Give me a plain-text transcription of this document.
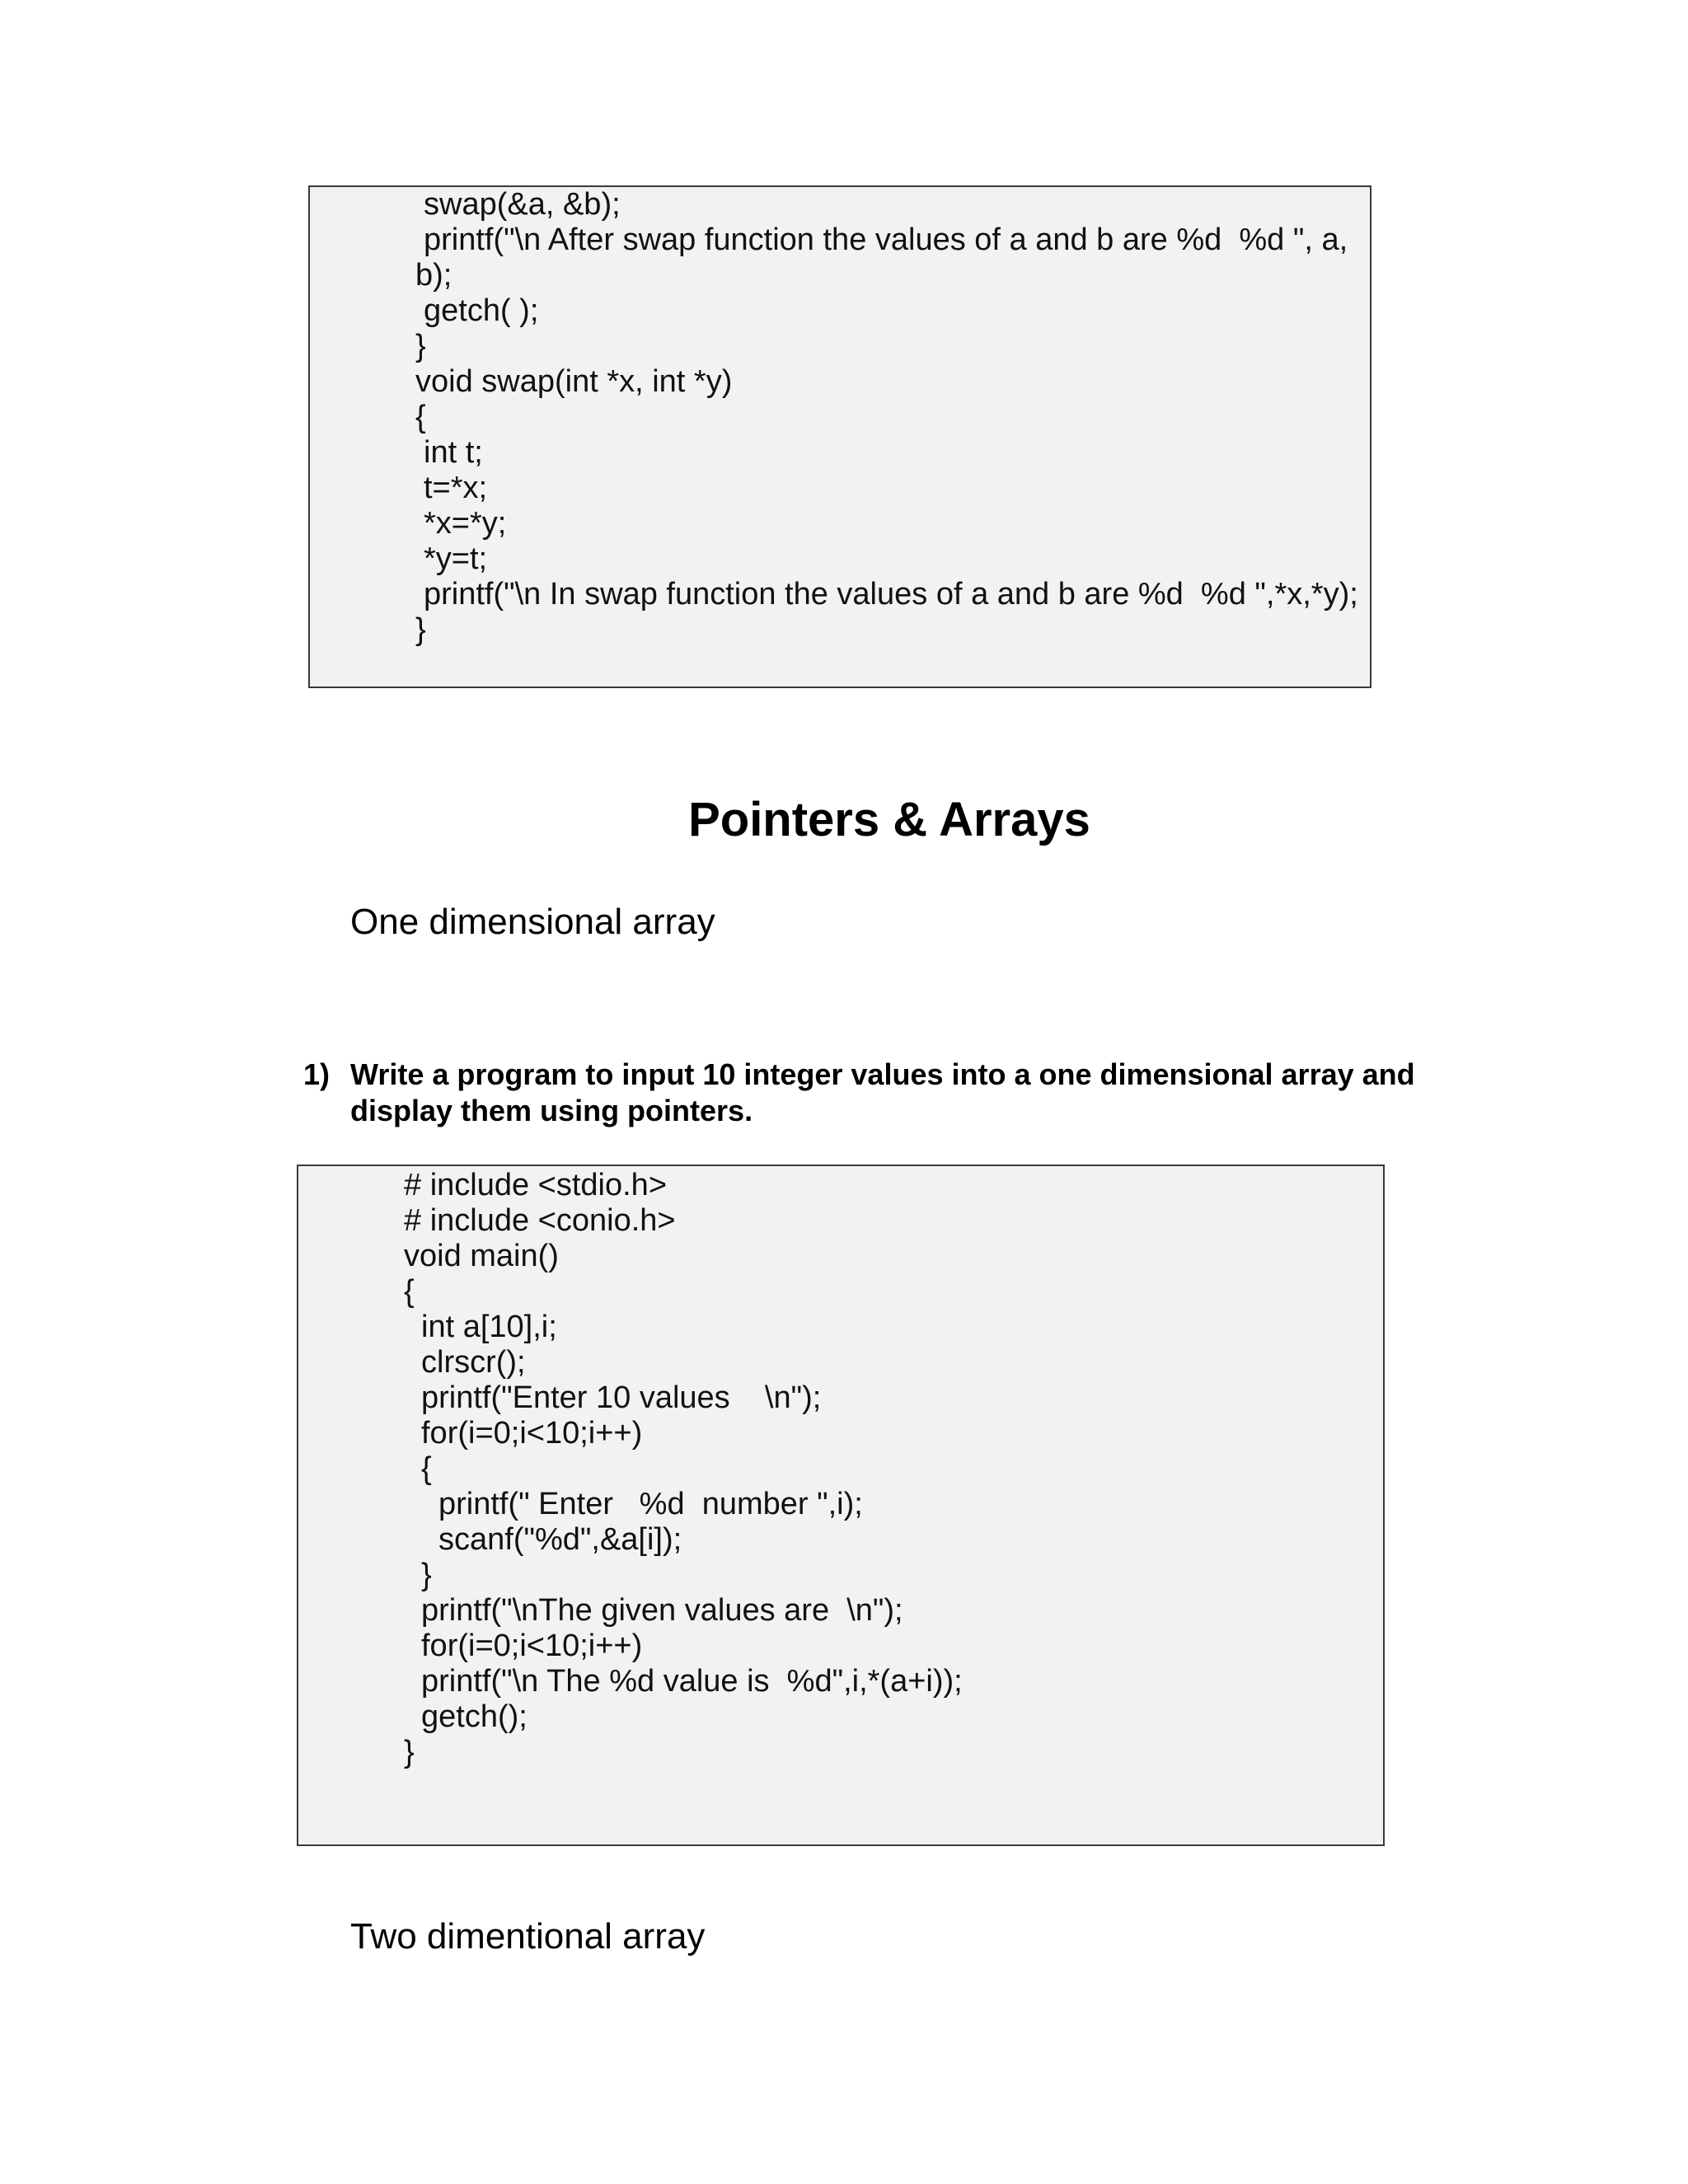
swap(&a, &b);
printf("\n After swap function the values of a and b are %d  %d ", a,
b);
getch( );
}
void swap(int *x, int *y)
{
int t;
t=*x;
*x=*y;
*y=t;
printf("\n In swap function the values of a and b are %d  %d ",*x,*y);
}
Pointers & Arrays
One dimensional array
1) Write a program to input 10 integer values into a one dimensional array and display them using pointers.
# include <stdio.h>
# include <conio.h>
void main()
{
int a[10],i;
clrscr();
printf("Enter 10 values    \n");
for(i=0;i<10;i++)
{
printf(" Enter   %d  number ",i);
scanf("%d",&a[i]);
}
printf("\nThe given values are  \n");
for(i=0;i<10;i++)
printf("\n The %d value is  %d",i,*(a+i));
getch();
}
Two dimentional array
